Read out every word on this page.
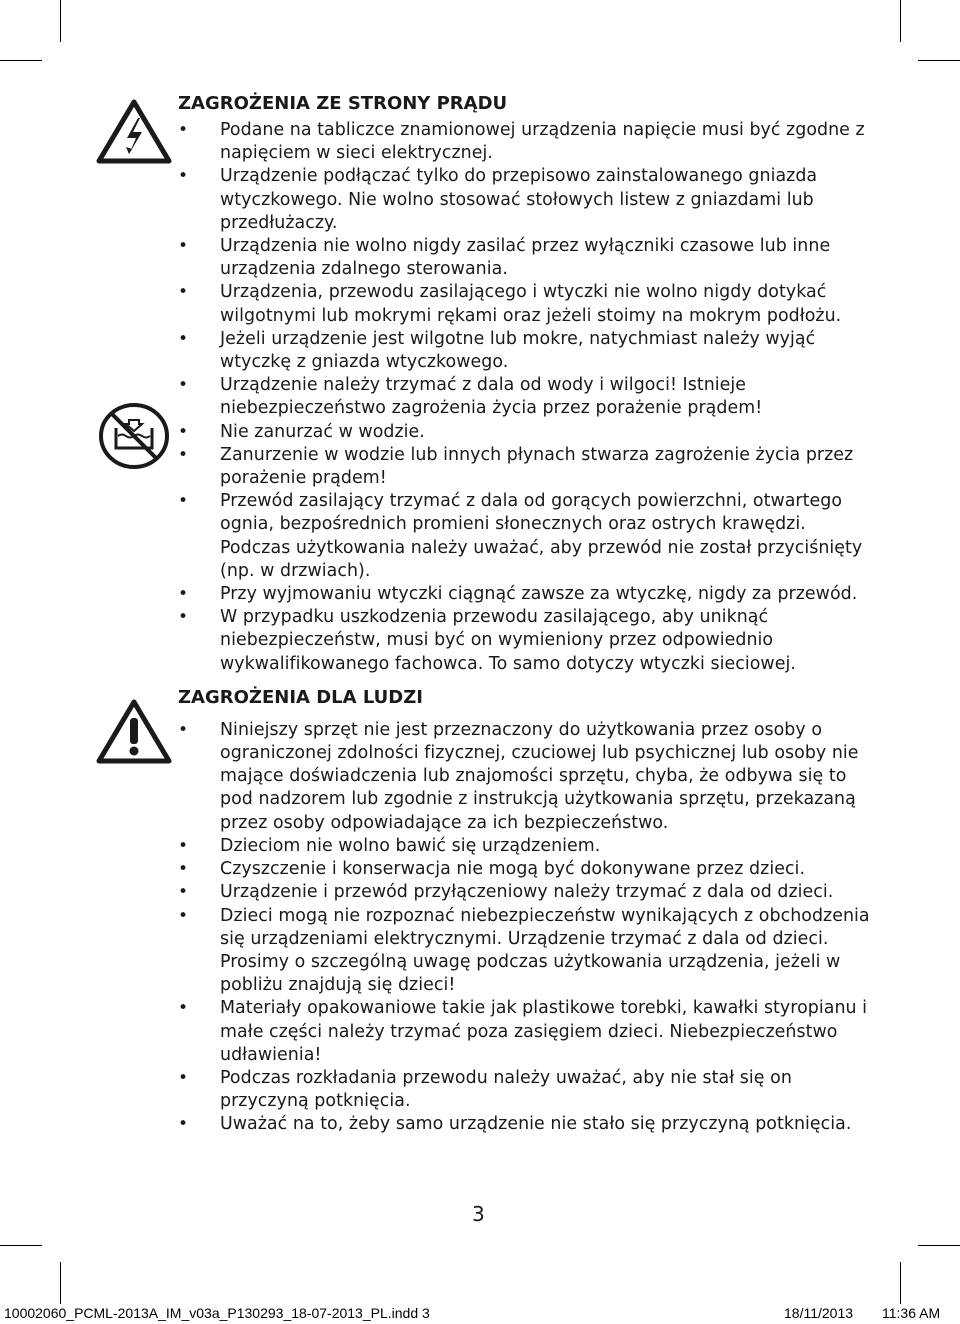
ZAGROŻENIA ZE STRONY PRĄDU
• Podane na tabliczce znamionowej urządzenia napięcie musi być zgodne z napięciem w sieci elektrycznej.
• Urządzenie podłączać tylko do przepisowo zainstalowanego gniazda wtyczkowego. Nie wolno stosować stołowych listew z gniazdami lub przedłużaczy.
• Urządzenia nie wolno nigdy zasilać przez wyłączniki czasowe lub inne urządzenia zdalnego sterowania.
• Urządzenia, przewodu zasilającego i wtyczki nie wolno nigdy dotykać wilgotnymi lub mokrymi rękami oraz jeżeli stoimy na mokrym podłożu.
• Jeżeli urządzenie jest wilgotne lub mokre, natychmiast należy wyjąć wtyczkę z gniazda wtyczkowego.
• Urządzenie należy trzymać z dala od wody i wilgoci! Istnieje niebezpieczeństwo zagrożenia życia przez porażenie prądem!
• Nie zanurzać w wodzie.
• Zanurzenie w wodzie lub innych płynach stwarza zagrożenie życia przez porażenie prądem!
• Przewód zasilający trzymać z dala od gorących powierzchni, otwartego ognia, bezpośrednich promieni słonecznych oraz ostrych krawędzi. Podczas użytkowania należy uważać, aby przewód nie został przyciśnięty (np. w drzwiach).
• Przy wyjmowaniu wtyczki ciągnąć zawsze za wtyczkę, nigdy za przewód.
• W przypadku uszkodzenia przewodu zasilającego, aby uniknąć niebezpieczeństw, musi być on wymieniony przez odpowiednio wykwalifikowanego fachowca. To samo dotyczy wtyczki sieciowej.
ZAGROŻENIA DLA LUDZI
• Niniejszy sprzęt nie jest przeznaczony do użytkowania przez osoby o ograniczonej zdolności fizycznej, czuciowej lub psychicznej lub osoby nie mające doświadczenia lub znajomości sprzętu, chyba, że odbywa się to pod nadzorem lub zgodnie z instrukcją użytkowania sprzętu, przekazaną przez osoby odpowiadające za ich bezpieczeństwo.
• Dzieciom nie wolno bawić się urządzeniem.
• Czyszczenie i konserwacja nie mogą być dokonywane przez dzieci.
• Urządzenie i przewód przyłączeniowy należy trzymać z dala od dzieci.
• Dzieci mogą nie rozpoznać niebezpieczeństw wynikających z obchodzenia się urządzeniami elektrycznymi. Urządzenie trzymać z dala od dzieci. Prosimy o szczególną uwagę podczas użytkowania urządzenia, jeżeli w pobliżu znajdują się dzieci!
• Materiały opakowaniowe takie jak plastikowe torebki, kawałki styropianu i małe części należy trzymać poza zasięgiem dzieci. Niebezpieczeństwo udławienia!
• Podczas rozkładania przewodu należy uważać, aby nie stał się on przyczyną potknięcia.
• Uważać na to, żeby samo urządzenie nie stało się przyczyną potknięcia.
3
10002060_PCML-2013A_IM_v03a_P130293_18-07-2013_PL.indd 3	18/11/2013 11:36 AM
